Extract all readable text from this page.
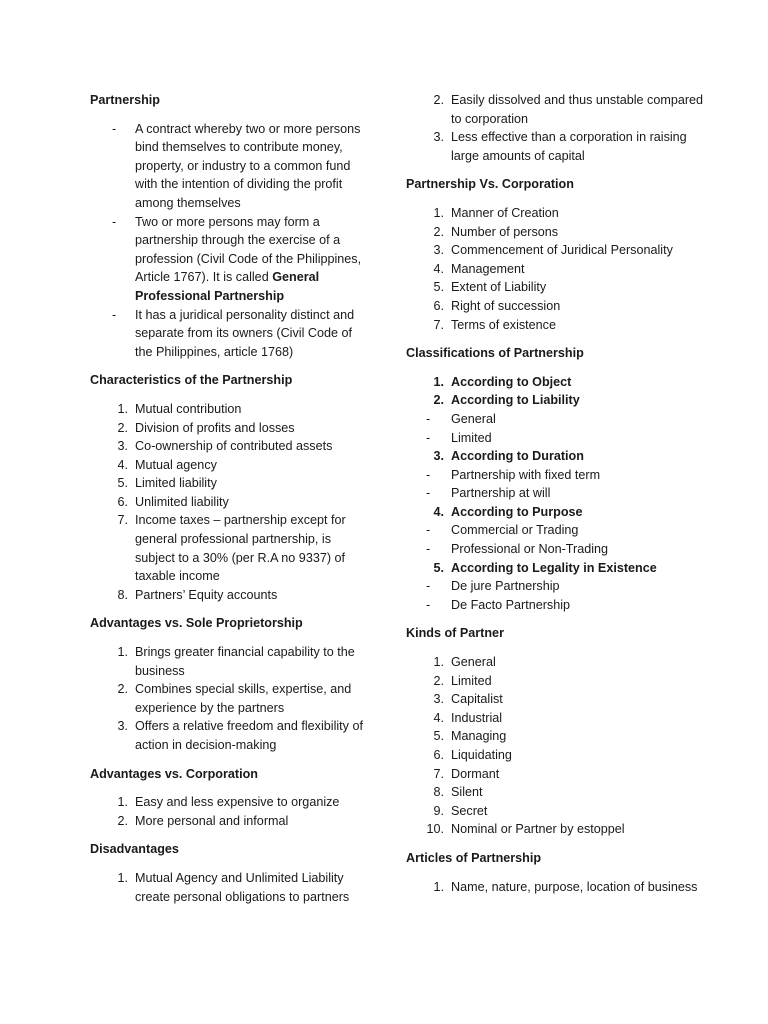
Partnership
- A contract whereby two or more persons bind themselves to contribute money, property, or industry to a common fund with the intention of dividing the profit among themselves
- Two or more persons may form a partnership through the exercise of a profession (Civil Code of the Philippines, Article 1767). It is called General Professional Partnership
- It has a juridical personality distinct and separate from its owners (Civil Code of the Philippines, article 1768)
Characteristics of the Partnership
1. Mutual contribution
2. Division of profits and losses
3. Co-ownership of contributed assets
4. Mutual agency
5. Limited liability
6. Unlimited liability
7. Income taxes – partnership except for general professional partnership, is subject to a 30% (per R.A no 9337) of taxable income
8. Partners’ Equity accounts
Advantages vs. Sole Proprietorship
1. Brings greater financial capability to the business
2. Combines special skills, expertise, and experience by the partners
3. Offers a relative freedom and flexibility of action in decision-making
Advantages vs. Corporation
1. Easy and less expensive to organize
2. More personal and informal
Disadvantages
1. Mutual Agency and Unlimited Liability create personal obligations to partners
2. Easily dissolved and thus unstable compared to corporation
3. Less effective than a corporation in raising large amounts of capital
Partnership Vs. Corporation
1. Manner of Creation
2. Number of persons
3. Commencement of Juridical Personality
4. Management
5. Extent of Liability
6. Right of succession
7. Terms of existence
Classifications of Partnership
1. According to Object
2. According to Liability
- General
- Limited
3. According to Duration
- Partnership with fixed term
- Partnership at will
4. According to Purpose
- Commercial or Trading
- Professional or Non-Trading
5. According to Legality in Existence
- De jure Partnership
- De Facto Partnership
Kinds of Partner
1. General
2. Limited
3. Capitalist
4. Industrial
5. Managing
6. Liquidating
7. Dormant
8. Silent
9. Secret
10. Nominal or Partner by estoppel
Articles of Partnership
1. Name, nature, purpose, location of business
